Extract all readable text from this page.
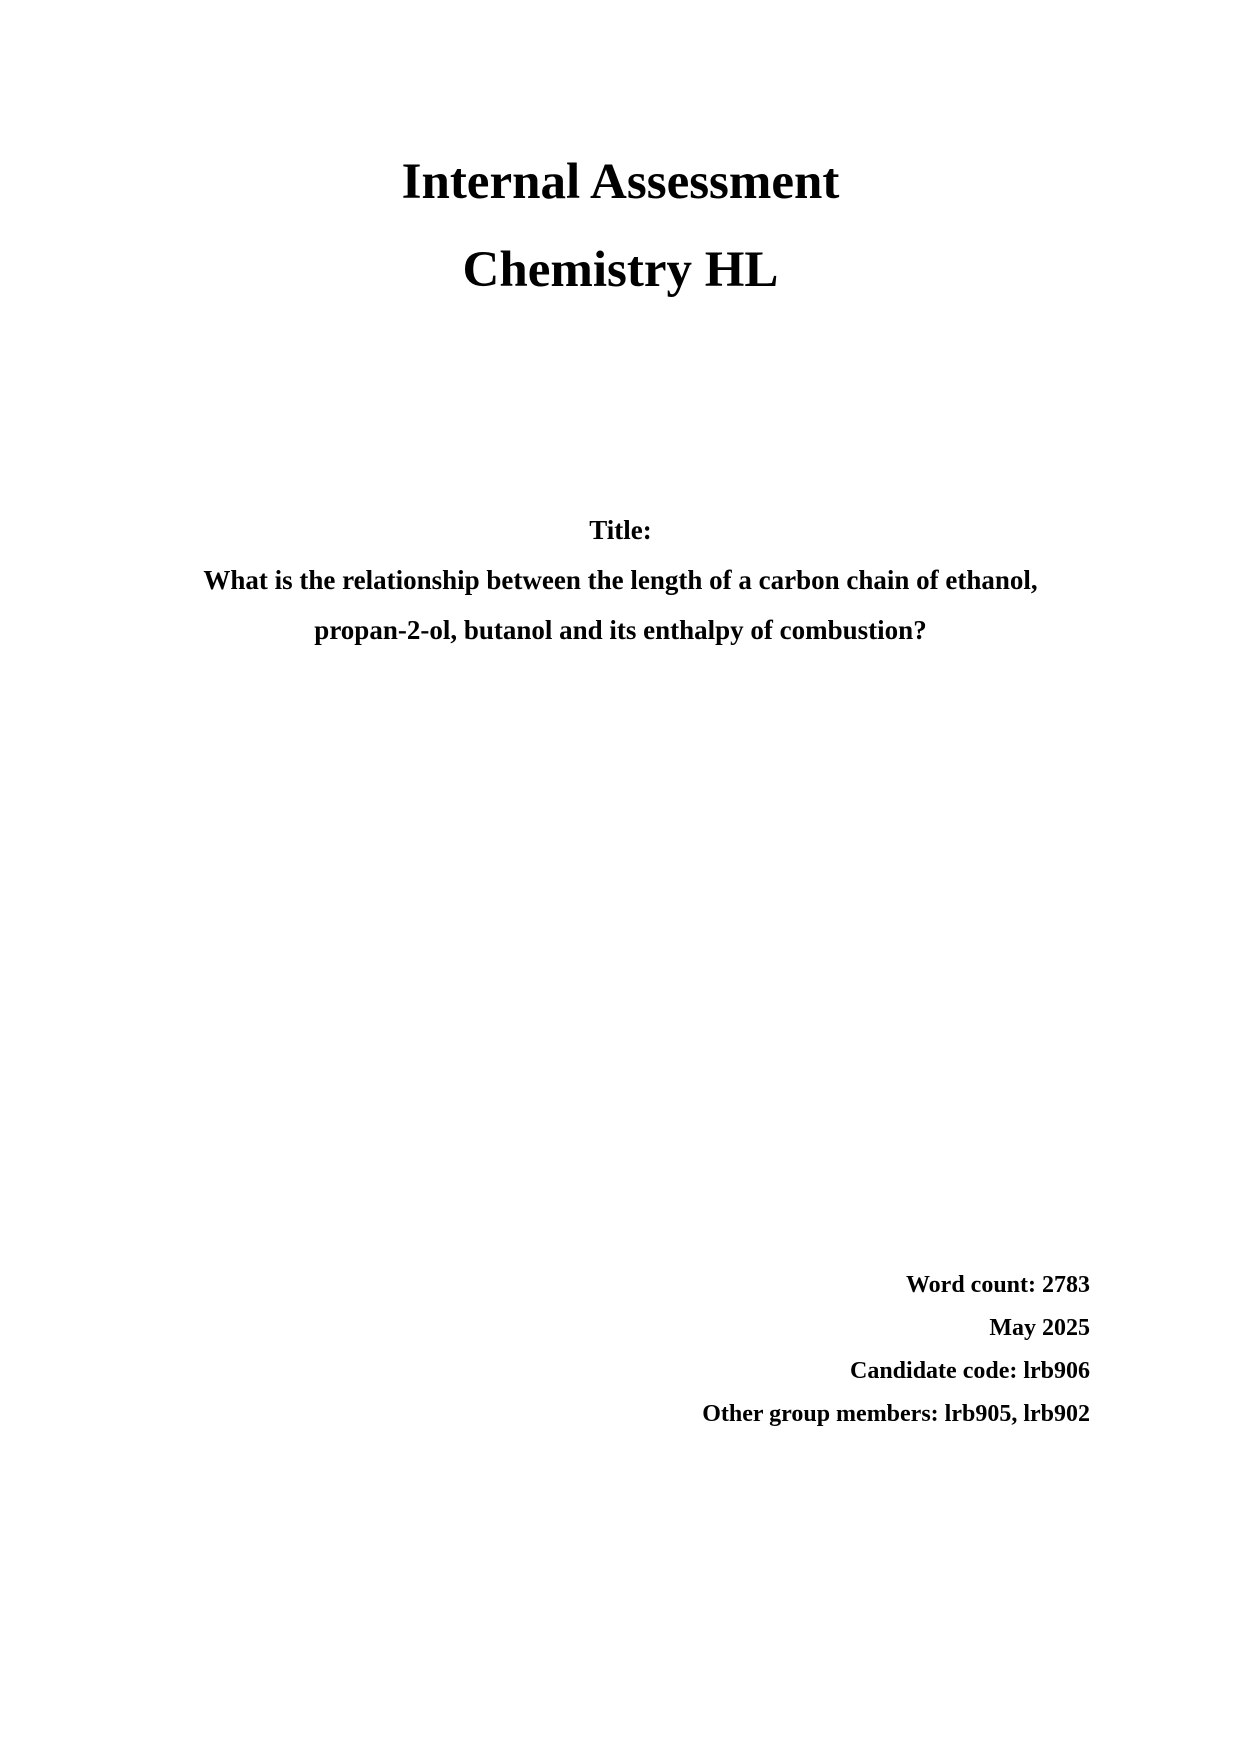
Internal Assessment
Chemistry HL
Title:
What is the relationship between the length of a carbon chain of ethanol,
propan-2-ol, butanol and its enthalpy of combustion?
Word count: 2783
May 2025
Candidate code: lrb906
Other group members: lrb905, lrb902
